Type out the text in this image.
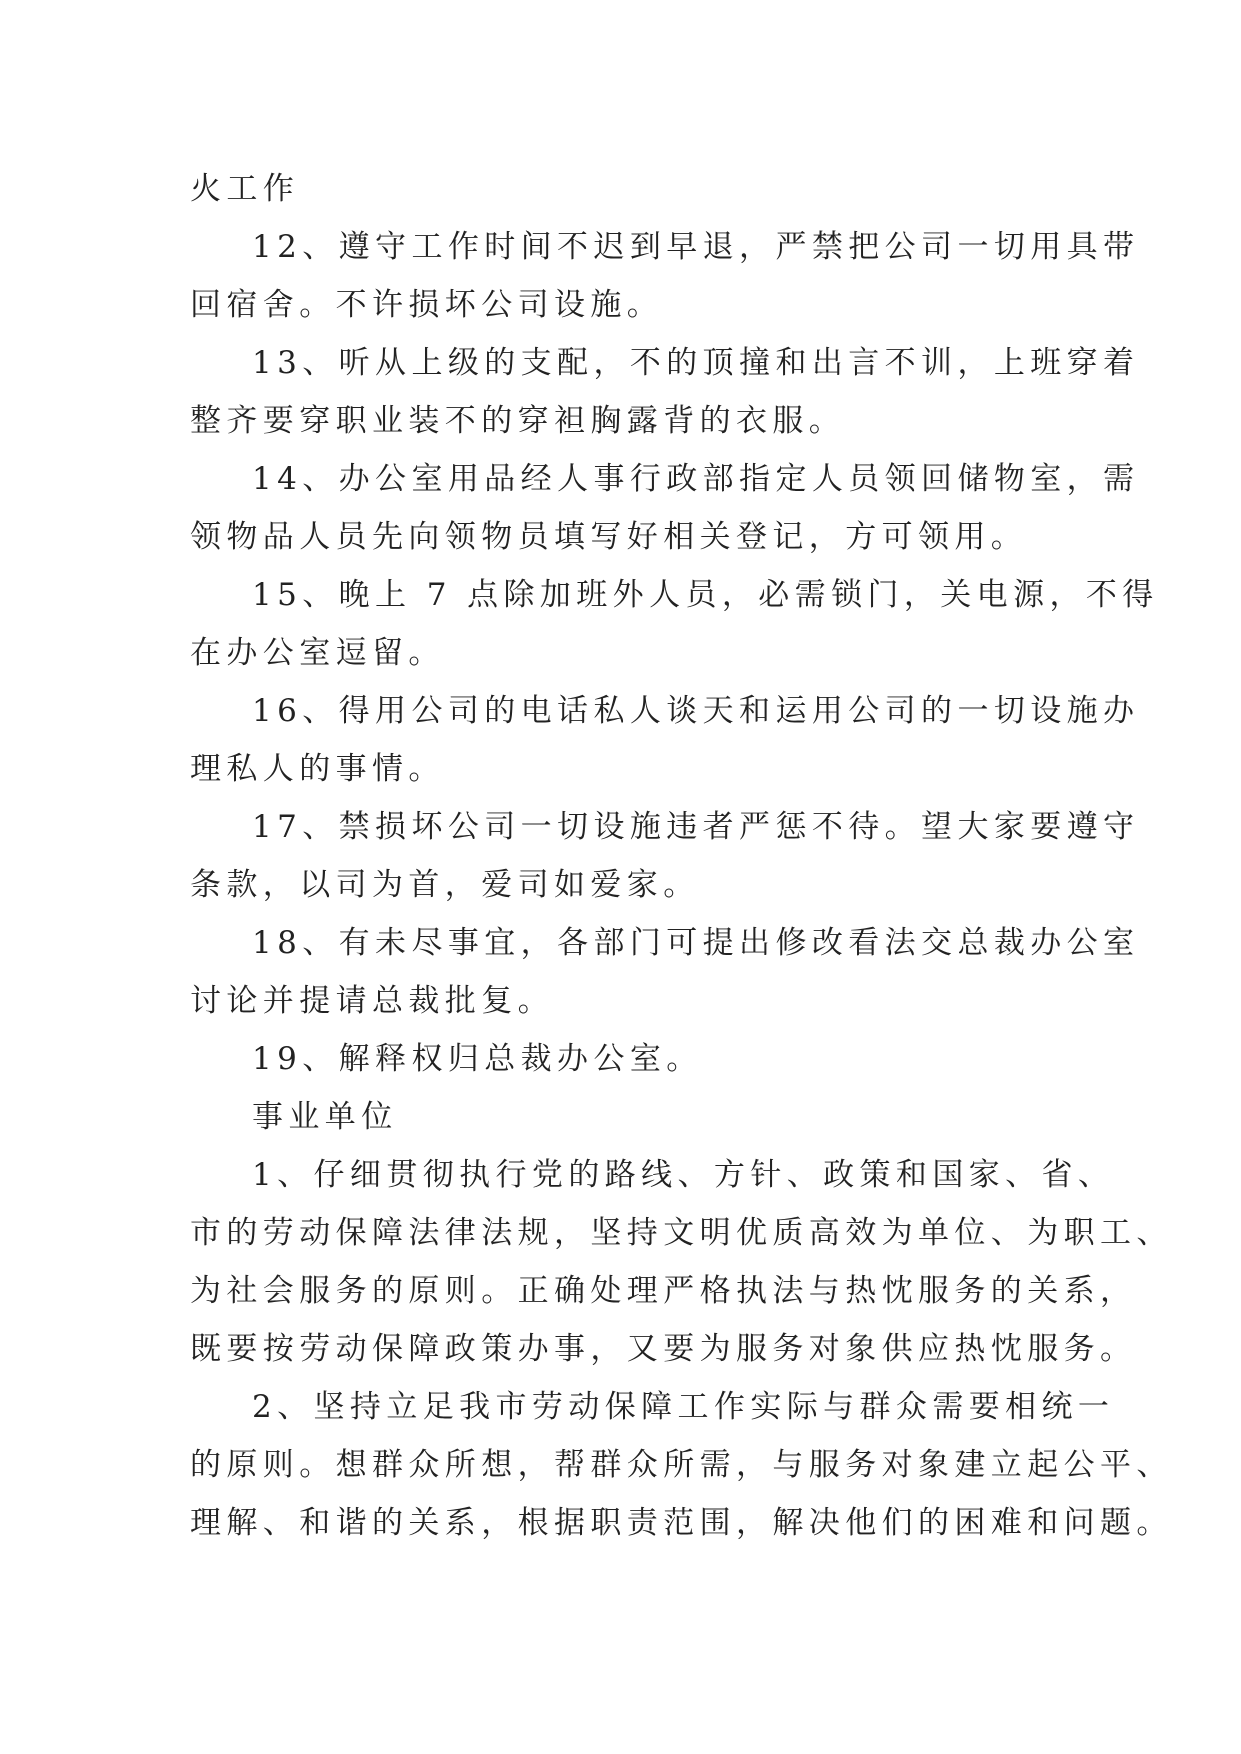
火工作
12、遵守工作时间不迟到早退，严禁把公司一切用具带
回宿舍。不许损坏公司设施。
13、听从上级的支配，不的顶撞和出言不训，上班穿着
整齐要穿职业装不的穿袒胸露背的衣服。
14、办公室用品经人事行政部指定人员领回储物室，需
领物品人员先向领物员填写好相关登记，方可领用。
15、晚上 7 点除加班外人员，必需锁门，关电源，不得
在办公室逗留。
16、得用公司的电话私人谈天和运用公司的一切设施办
理私人的事情。
17、禁损坏公司一切设施违者严惩不待。望大家要遵守
条款，以司为首，爱司如爱家。
18、有未尽事宜，各部门可提出修改看法交总裁办公室
讨论并提请总裁批复。
19、解释权归总裁办公室。
事业单位
1、仔细贯彻执行党的路线、方针、政策和国家、省、
市的劳动保障法律法规，坚持文明优质高效为单位、为职工、
为社会服务的原则。正确处理严格执法与热忱服务的关系，
既要按劳动保障政策办事，又要为服务对象供应热忱服务。
2、坚持立足我市劳动保障工作实际与群众需要相统一
的原则。想群众所想，帮群众所需，与服务对象建立起公平、
理解、和谐的关系，根据职责范围，解决他们的困难和问题。
